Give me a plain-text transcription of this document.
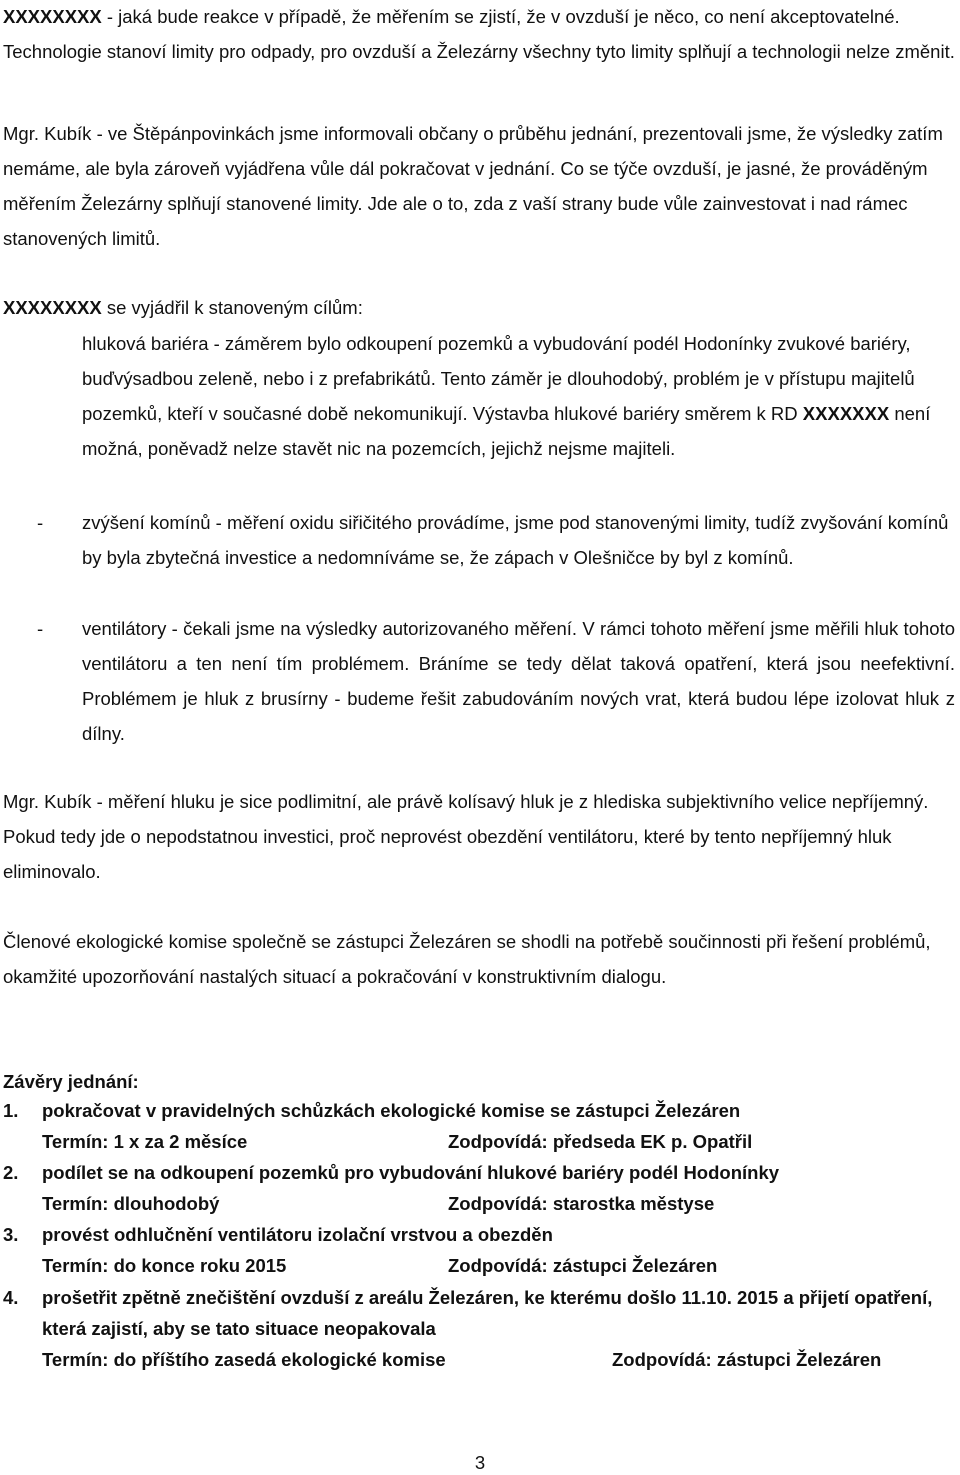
XXXXXXXX - jaká bude reakce v případě, že měřením se zjistí, že v ovzduší je něco, co není akceptovatelné. Technologie stanoví limity pro odpady, pro ovzduší a Železárny všechny tyto limity splňují a technologii nelze změnit.

Mgr. Kubík - ve Štěpánpovinkách jsme informovali občany o průběhu jednání, prezentovali jsme, že výsledky zatím nemáme, ale byla zároveň vyjádřena vůle dál pokračovat v jednání. Co se týče ovzduší, je jasné, že prováděným měřením Železárny splňují stanovené limity. Jde ale o to, zda z vaší strany bude vůle zainvestovat i nad rámec stanovených limitů.

XXXXXXXX se vyjádřil k stanoveným cílům:

hluková bariéra - záměrem bylo odkoupení pozemků a vybudování podél Hodonínky zvukové bariéry, buďvýsadbou zeleně, nebo i z prefabrikátů. Tento záměr je dlouhodobý, problém je v přístupu majitelů pozemků, kteří v současné době nekomunikují. Výstavba hlukové bariéry směrem k RD XXXXXXX není možná, poněvadž nelze stavět nic na pozemcích, jejichž nejsme majiteli.

- zvýšení komínů - měření oxidu siřičitého provádíme, jsme pod stanovenými limity, tudíž zvyšování komínů by byla zbytečná investice a nedomníváme se, že zápach v Olešničce by byl z komínů.

- ventilátory - čekali jsme na výsledky autorizovaného měření. V rámci tohoto měření jsme měřili hluk tohoto ventilátoru a ten není tím problémem. Bráníme se tedy dělat taková opatření, která jsou neefektivní. Problémem je hluk z brusírny - budeme řešit zabudováním nových vrat, která budou lépe izolovat hluk z dílny.

Mgr. Kubík - měření hluku je sice podlimitní, ale právě kolísavý hluk je z hlediska subjektivního velice nepříjemný. Pokud tedy jde o nepodstatnou investici, proč neprovést obezdění ventilátoru, které by tento nepříjemný hluk eliminovalo.

Členové ekologické komise společně se zástupci Železáren se shodli na potřebě součinnosti při řešení problémů, okamžité upozorňování nastalých situací a pokračování v konstruktivním dialogu.

Závěry jednání:
1. pokračovat v pravidelných schůzkách ekologické komise se zástupci Železáren
Termín: 1 x za 2 měsíce	Zodpovídá: předseda EK p. Opatřil
2. podílet se na odkoupení pozemků pro vybudování hlukové bariéry podél Hodonínky
Termín: dlouhodobý	Zodpovídá: starostka městyse
3. provést odhlučnění ventilátoru izolační vrstvou a obezděn
Termín: do konce roku 2015	Zodpovídá: zástupci Železáren
4. prošetřit zpětně znečištění ovzduší z areálu Železáren, ke kterému došlo 11.10. 2015 a přijetí opatření, která zajistí, aby se tato situace neopakovala
Termín: do příštího zasedá ekologické komise	Zodpovídá: zástupci Železáren
3
